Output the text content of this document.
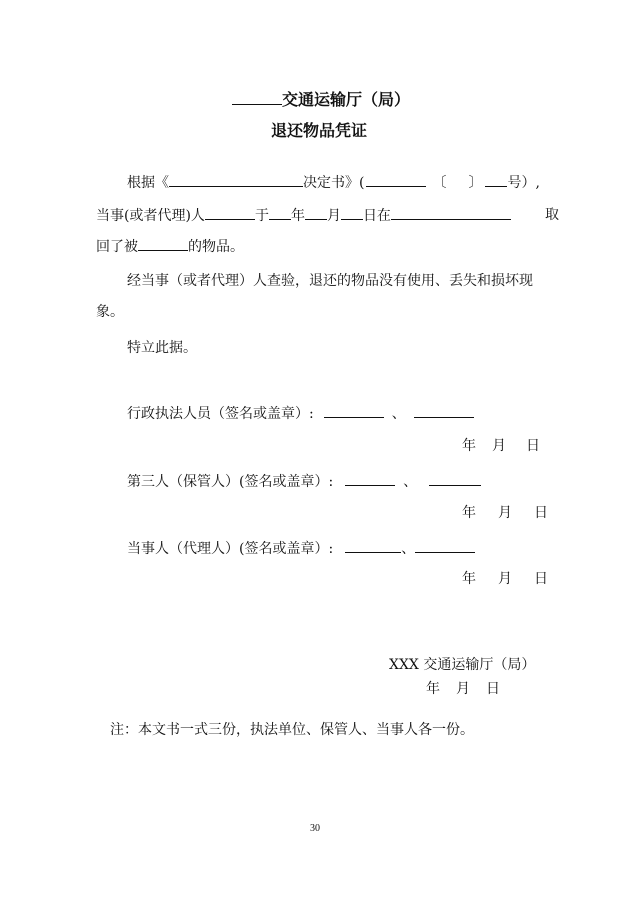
交通运输厅（局）
退还物品凭证
根据《	决定书》(	〔 〕 号）,
当事(或者代理)人	于 年 月 日在	取
回了被	的物品。
经当事（或者代理）人查验，退还的物品没有使用、丢失和损坏现
象。
特立此据。
行政执法人员（签名或盖章）:	、
年 月 日
第三人（保管人）(签名或盖章）:	、
年 月 日
当事人（代理人）(签名或盖章）:	、
年 月 日
XXX 交通运输厅（局）
年 月 日
注：本文书一式三份，执法单位、保管人、当事人各一份。
30
